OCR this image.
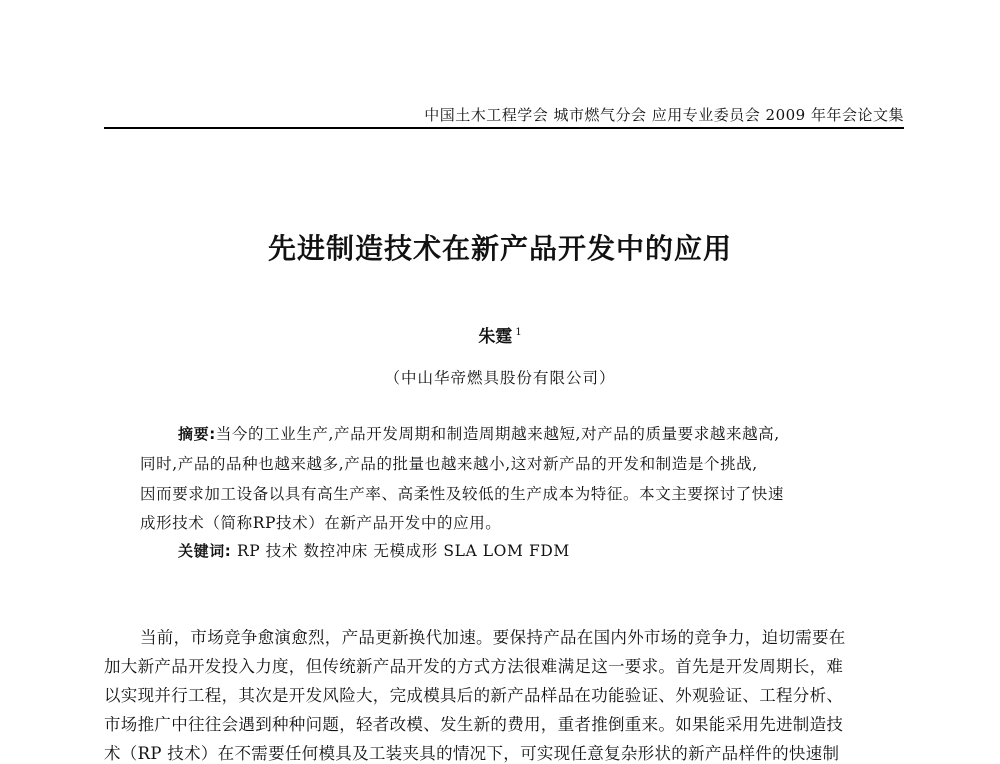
中国土木工程学会 城市燃气分会 应用专业委员会 2009 年年会论文集
先进制造技术在新产品开发中的应用
朱霆 $^1$
（中山华帝燃具股份有限公司）
摘要:当今的工业生产,产品开发周期和制造周期越来越短,对产品的质量要求越来越高,
同时,产品的品种也越来越多,产品的批量也越来越小,这对新产品的开发和制造是个挑战,
因而要求加工设备以具有高生产率、高柔性及较低的生产成本为特征。本文主要探讨了快速
成形技术（简称RP技术）在新产品开发中的应用。
关键词: RP 技术 数控冲床 无模成形 SLA LOM FDM
当前，市场竞争愈演愈烈，产品更新换代加速。要保持产品在国内外市场的竞争力，迫切需要在
加大新产品开发投入力度，但传统新产品开发的方式方法很难满足这一要求。首先是开发周期长，难
以实现并行工程，其次是开发风险大，完成模具后的新产品样品在功能验证、外观验证、工程分析、
市场推广中往往会遇到种种问题，轻者改模、发生新的费用，重者推倒重来。如果能采用先进制造技
术（RP 技术）在不需要任何模具及工装夹具的情况下，可实现任意复杂形状的新产品样件的快速制
